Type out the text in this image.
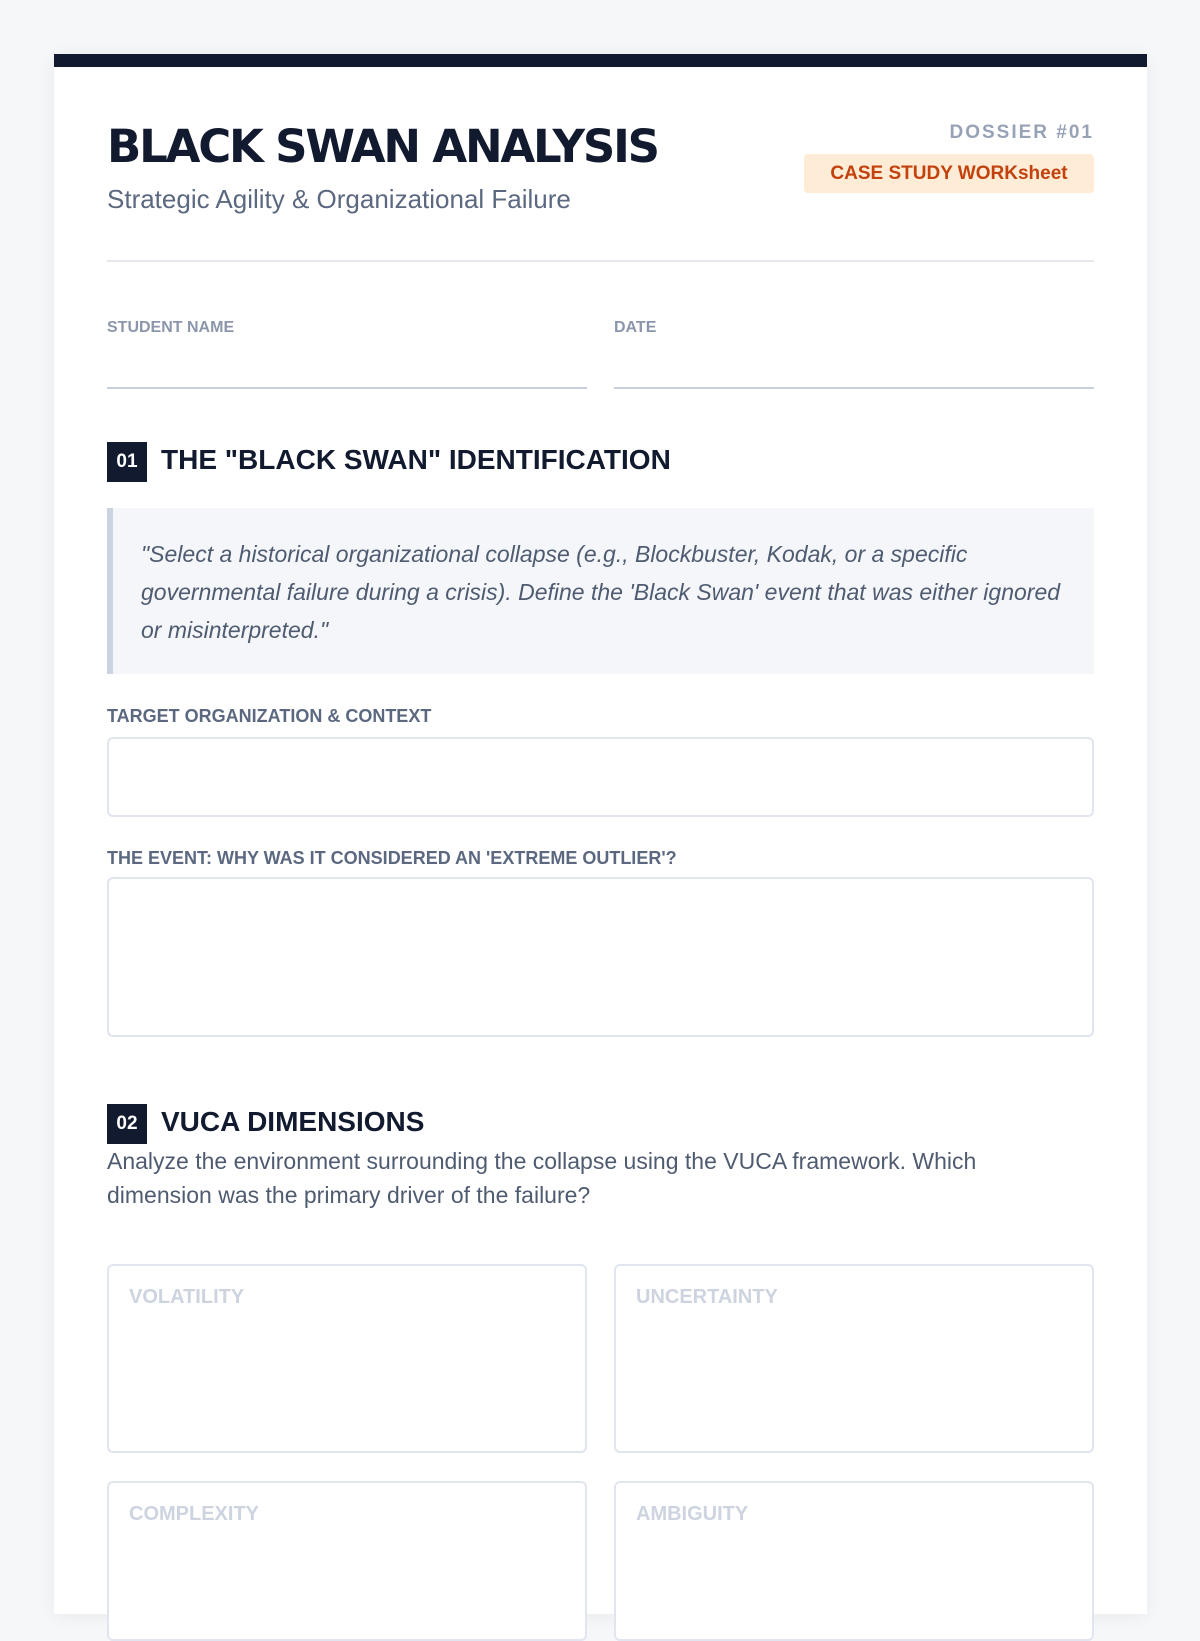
BLACK SWAN ANALYSIS
Strategic Agility & Organizational Failure
DOSSIER #01
CASE STUDY WORKsheet
STUDENT NAME	DATE
01 THE "BLACK SWAN" IDENTIFICATION

"Select a historical organizational collapse (e.g., Blockbuster, Kodak, or a specific governmental failure during a crisis). Define the 'Black Swan' event that was either ignored or misinterpreted."

TARGET ORGANIZATION & CONTEXT
THE EVENT: WHY WAS IT CONSIDERED AN 'EXTREME OUTLIER'?
02 VUCA DIMENSIONS

Analyze the environment surrounding the collapse using the VUCA framework. Which dimension was the primary driver of the failure?

VOLATILITY	UNCERTAINTY
COMPLEXITY	AMBIGUITY
